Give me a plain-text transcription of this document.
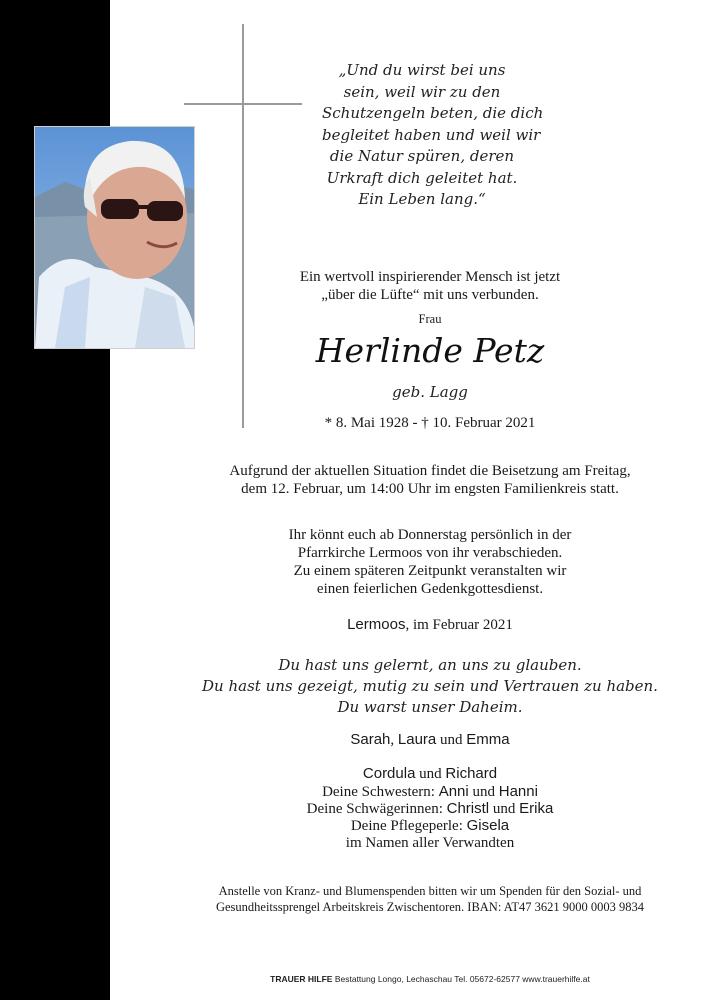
„Und du wirst bei uns
sein, weil wir zu den
Schutzengeln beten, die dich
begleitet haben und weil wir
die Natur spüren, deren
Urkraft dich geleitet hat.
Ein Leben lang.“
Ein wertvoll inspirierender Mensch ist jetzt
„über die Lüfte“ mit uns verbunden.
Frau
Herlinde Petz
geb. Lagg
* 8. Mai 1928 - † 10. Februar 2021
Aufgrund der aktuellen Situation findet die Beisetzung am Freitag,
dem 12. Februar, um 14:00 Uhr im engsten Familienkreis statt.
Ihr könnt euch ab Donnerstag persönlich in der
Pfarrkirche Lermoos von ihr verabschieden.
Zu einem späteren Zeitpunkt veranstalten wir
einen feierlichen Gedenkgottesdienst.
Lermoos, im Februar 2021
Du hast uns gelernt, an uns zu glauben.
Du hast uns gezeigt, mutig zu sein und Vertrauen zu haben.
Du warst unser Daheim.
Sarah, Laura und Emma
Cordula und Richard
Deine Schwestern: Anni und Hanni
Deine Schwägerinnen: Christl und Erika
Deine Pflegeperle: Gisela
im Namen aller Verwandten
Anstelle von Kranz- und Blumenspenden bitten wir um Spenden für den Sozial- und
Gesundheitssprengel Arbeitskreis Zwischentoren. IBAN: AT47 3621 9000 0003 9834
TRAUER HILFE Bestattung Longo, Lechaschau Tel. 05672-62577 www.trauerhilfe.at
